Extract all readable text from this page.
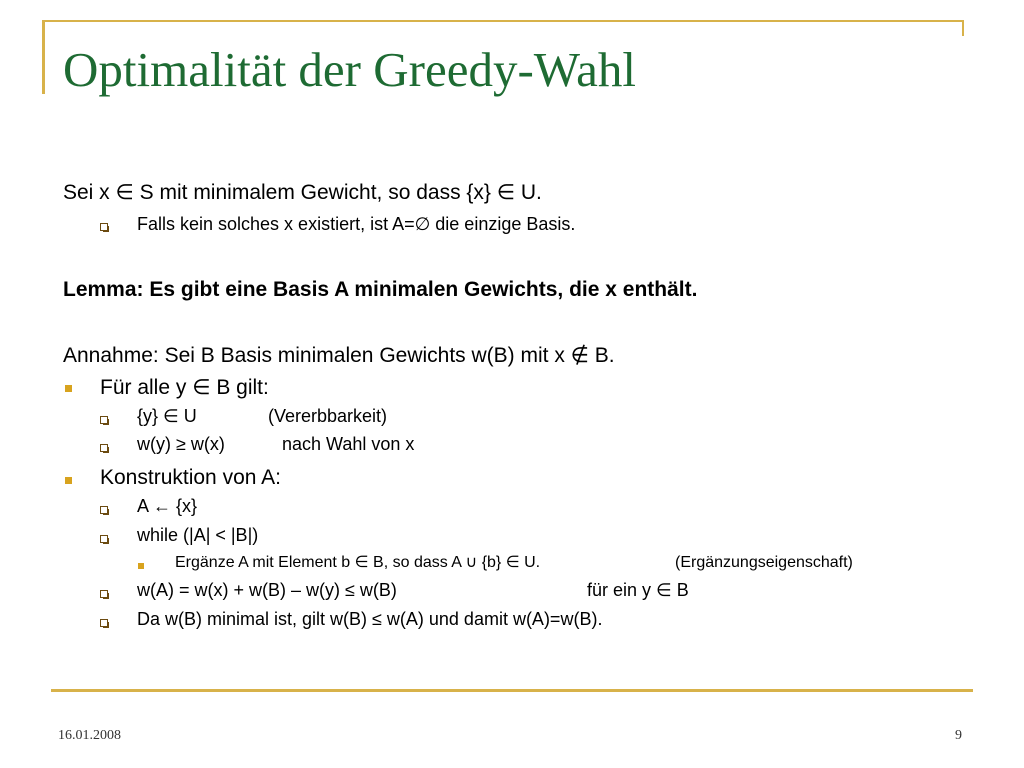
Optimalität der Greedy-Wahl
Sei x ∈ S mit minimalem Gewicht, so dass {x} ∈ U.
Falls kein solches x existiert, ist A=∅ die einzige Basis.
Lemma: Es gibt eine Basis A minimalen Gewichts, die x enthält.
Annahme: Sei B Basis minimalen Gewichts w(B) mit x ∉ B.
Für alle y ∈ B gilt:
{y} ∈ U	(Vererbbarkeit)
w(y) ≥ w(x)	nach Wahl von x
Konstruktion von A:
A ← {x}
while (|A| < |B|)
Ergänze A mit Element b ∈ B, so dass A ∪ {b} ∈ U.	(Ergänzungseigenschaft)
w(A) = w(x) + w(B) – w(y) ≤ w(B)	für ein y ∈ B
Da w(B) minimal ist, gilt w(B) ≤ w(A) und damit w(A)=w(B).
16.01.2008	9
